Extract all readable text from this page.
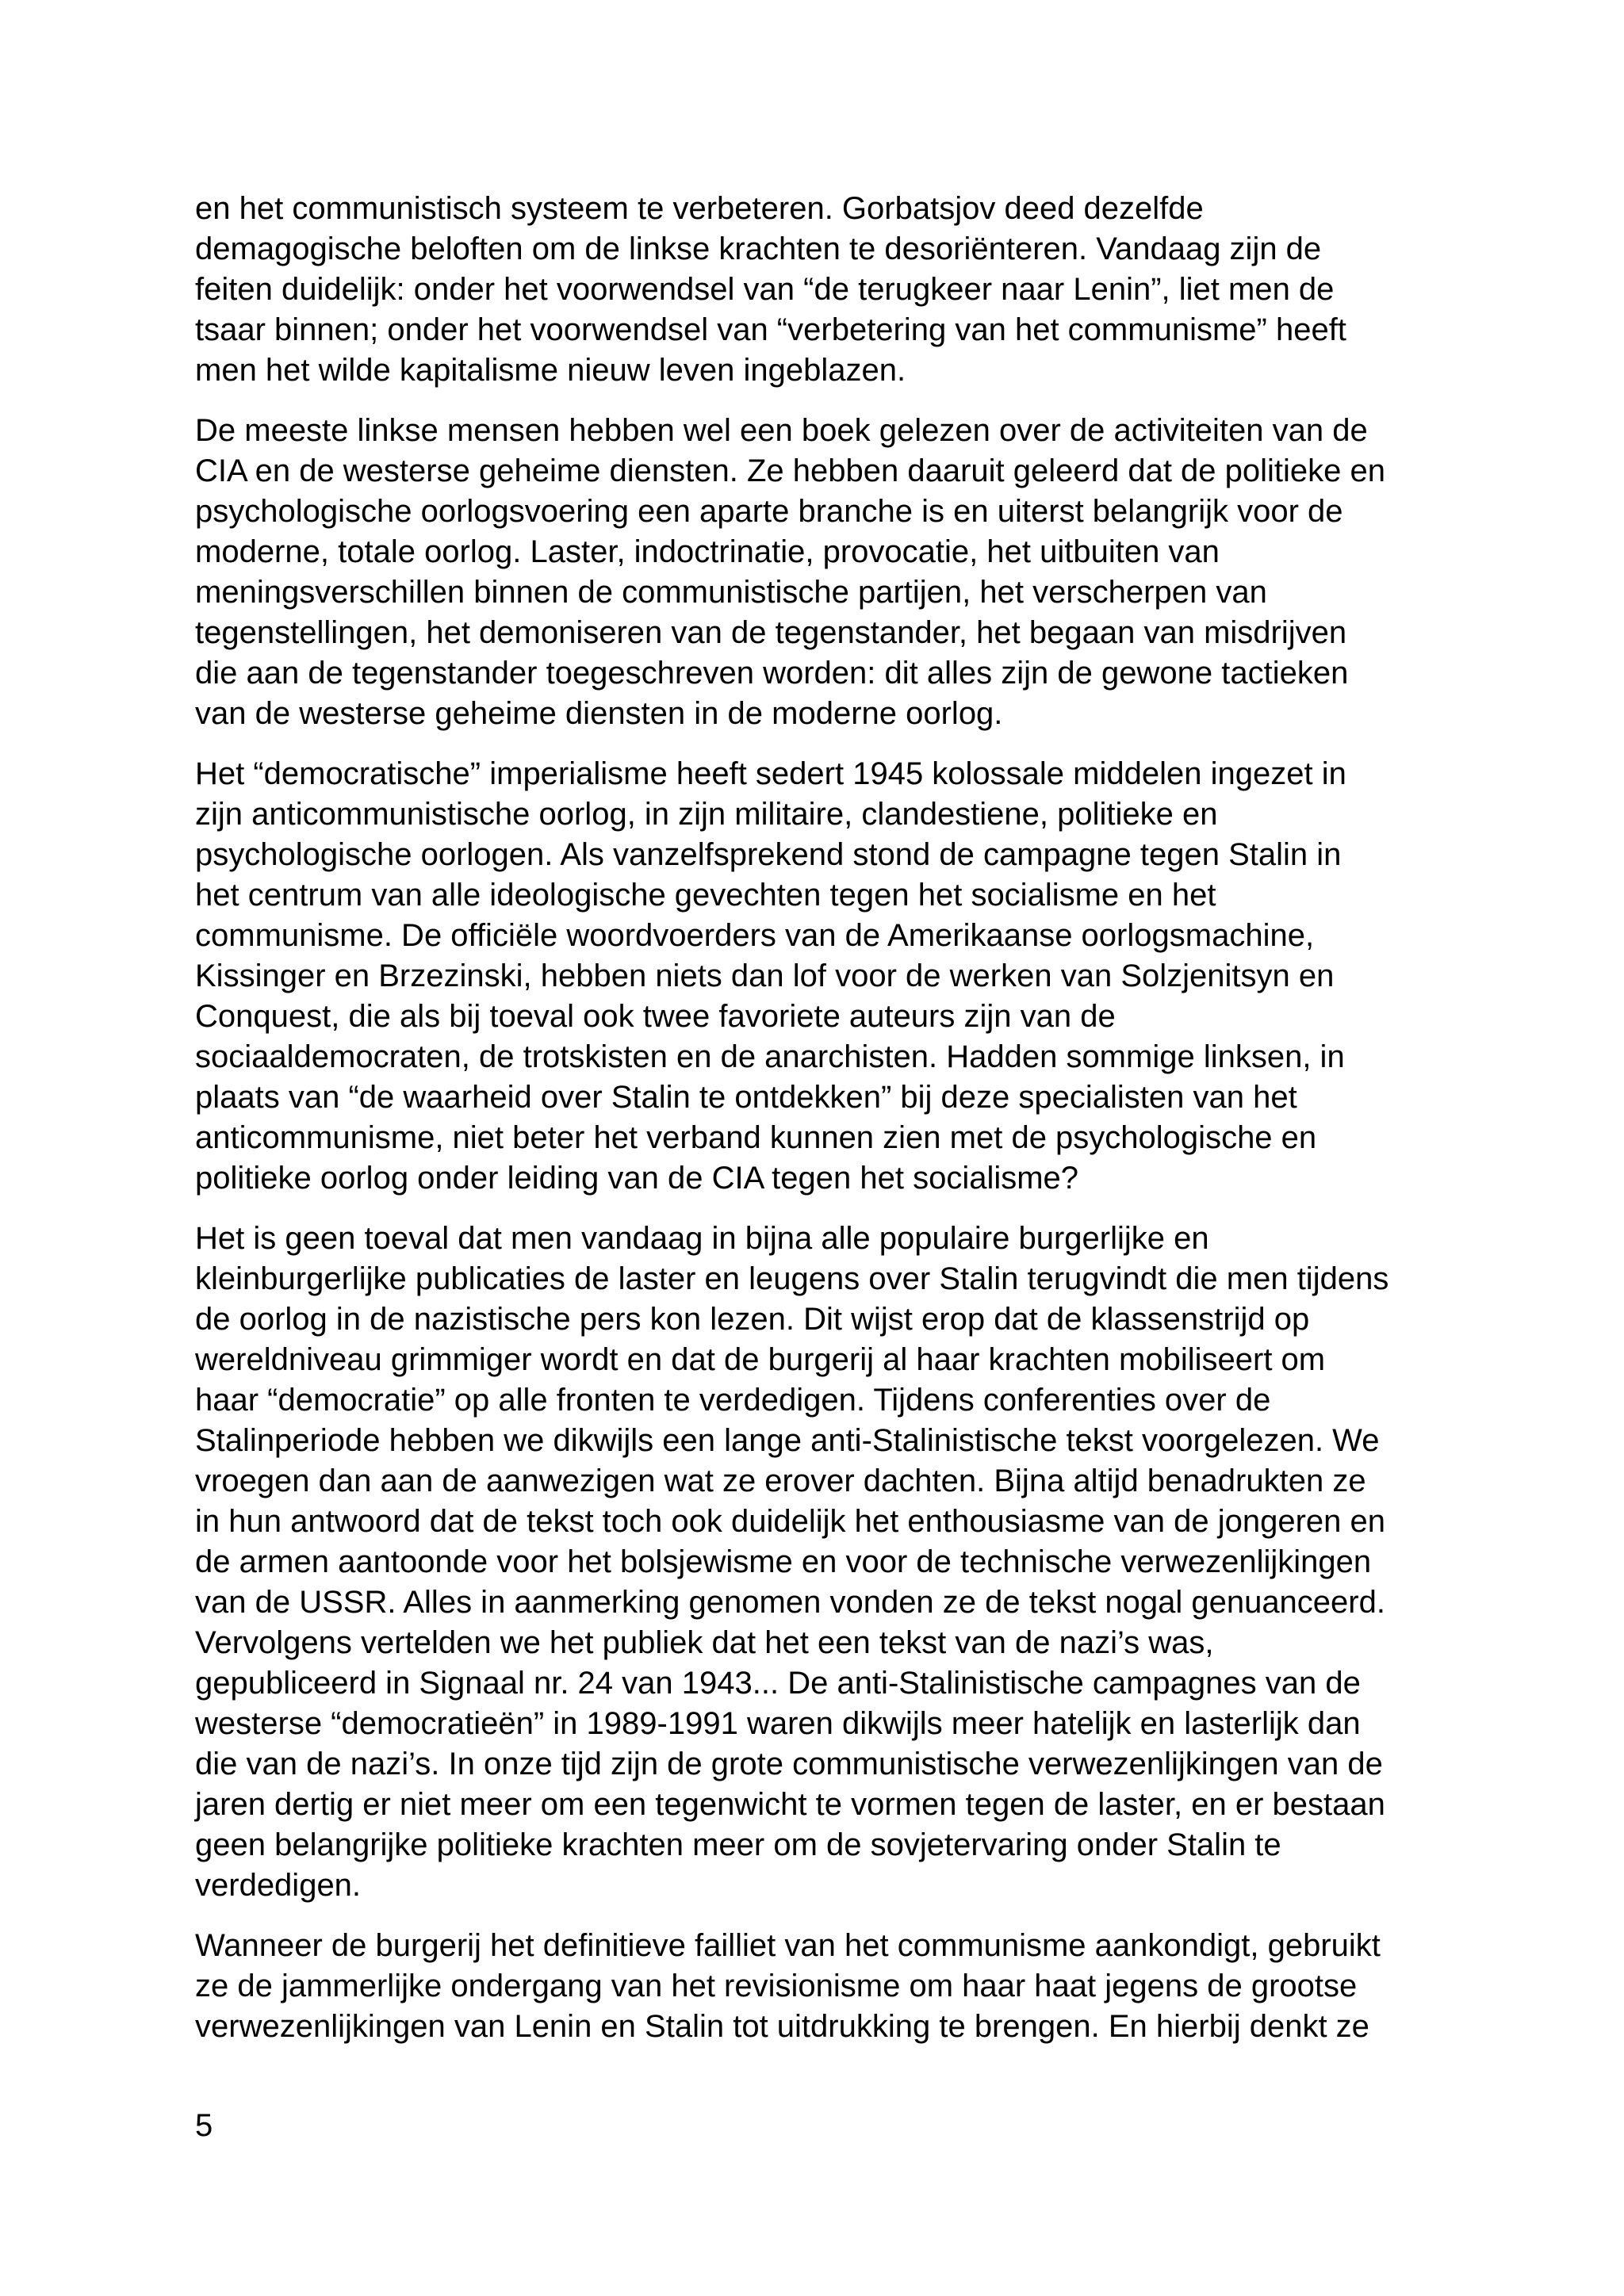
en het communistisch systeem te verbeteren. Gorbatsjov deed dezelfde
demagogische beloften om de linkse krachten te desoriënteren. Vandaag zijn de
feiten duidelijk: onder het voorwendsel van “de terugkeer naar Lenin”, liet men de
tsaar binnen; onder het voorwendsel van “verbetering van het communisme” heeft
men het wilde kapitalisme nieuw leven ingeblazen.

De meeste linkse mensen hebben wel een boek gelezen over de activiteiten van de
CIA en de westerse geheime diensten. Ze hebben daaruit geleerd dat de politieke en
psychologische oorlogsvoering een aparte branche is en uiterst belangrijk voor de
moderne, totale oorlog. Laster, indoctrinatie, provocatie, het uitbuiten van
meningsverschillen binnen de communistische partijen, het verscherpen van
tegenstellingen, het demoniseren van de tegenstander, het begaan van misdrijven
die aan de tegenstander toegeschreven worden: dit alles zijn de gewone tactieken
van de westerse geheime diensten in de moderne oorlog.

Het “democratische” imperialisme heeft sedert 1945 kolossale middelen ingezet in
zijn anticommunistische oorlog, in zijn militaire, clandestiene, politieke en
psychologische oorlogen. Als vanzelfsprekend stond de campagne tegen Stalin in
het centrum van alle ideologische gevechten tegen het socialisme en het
communisme. De officiële woordvoerders van de Amerikaanse oorlogsmachine,
Kissinger en Brzezinski, hebben niets dan lof voor de werken van Solzjenitsyn en
Conquest, die als bij toeval ook twee favoriete auteurs zijn van de
sociaaldemocraten, de trotskisten en de anarchisten. Hadden sommige linksen, in
plaats van “de waarheid over Stalin te ontdekken” bij deze specialisten van het
anticommunisme, niet beter het verband kunnen zien met de psychologische en
politieke oorlog onder leiding van de CIA tegen het socialisme?

Het is geen toeval dat men vandaag in bijna alle populaire burgerlijke en
kleinburgerlijke publicaties de laster en leugens over Stalin terugvindt die men tijdens
de oorlog in de nazistische pers kon lezen. Dit wijst erop dat de klassenstrijd op
wereldniveau grimmiger wordt en dat de burgerij al haar krachten mobiliseert om
haar “democratie” op alle fronten te verdedigen. Tijdens conferenties over de
Stalinperiode hebben we dikwijls een lange anti-Stalinistische tekst voorgelezen. We
vroegen dan aan de aanwezigen wat ze erover dachten. Bijna altijd benadrukten ze
in hun antwoord dat de tekst toch ook duidelijk het enthousiasme van de jongeren en
de armen aantoonde voor het bolsjewisme en voor de technische verwezenlijkingen
van de USSR. Alles in aanmerking genomen vonden ze de tekst nogal genuanceerd.
Vervolgens vertelden we het publiek dat het een tekst van de nazi’s was,
gepubliceerd in Signaal nr. 24 van 1943... De anti-Stalinistische campagnes van de
westerse “democratieën” in 1989-1991 waren dikwijls meer hatelijk en lasterlijk dan
die van de nazi’s. In onze tijd zijn de grote communistische verwezenlijkingen van de
jaren dertig er niet meer om een tegenwicht te vormen tegen de laster, en er bestaan
geen belangrijke politieke krachten meer om de sovjetervaring onder Stalin te
verdedigen.

Wanneer de burgerij het definitieve failliet van het communisme aankondigt, gebruikt
ze de jammerlijke ondergang van het revisionisme om haar haat jegens de grootse
verwezenlijkingen van Lenin en Stalin tot uitdrukking te brengen. En hierbij denkt ze

5
